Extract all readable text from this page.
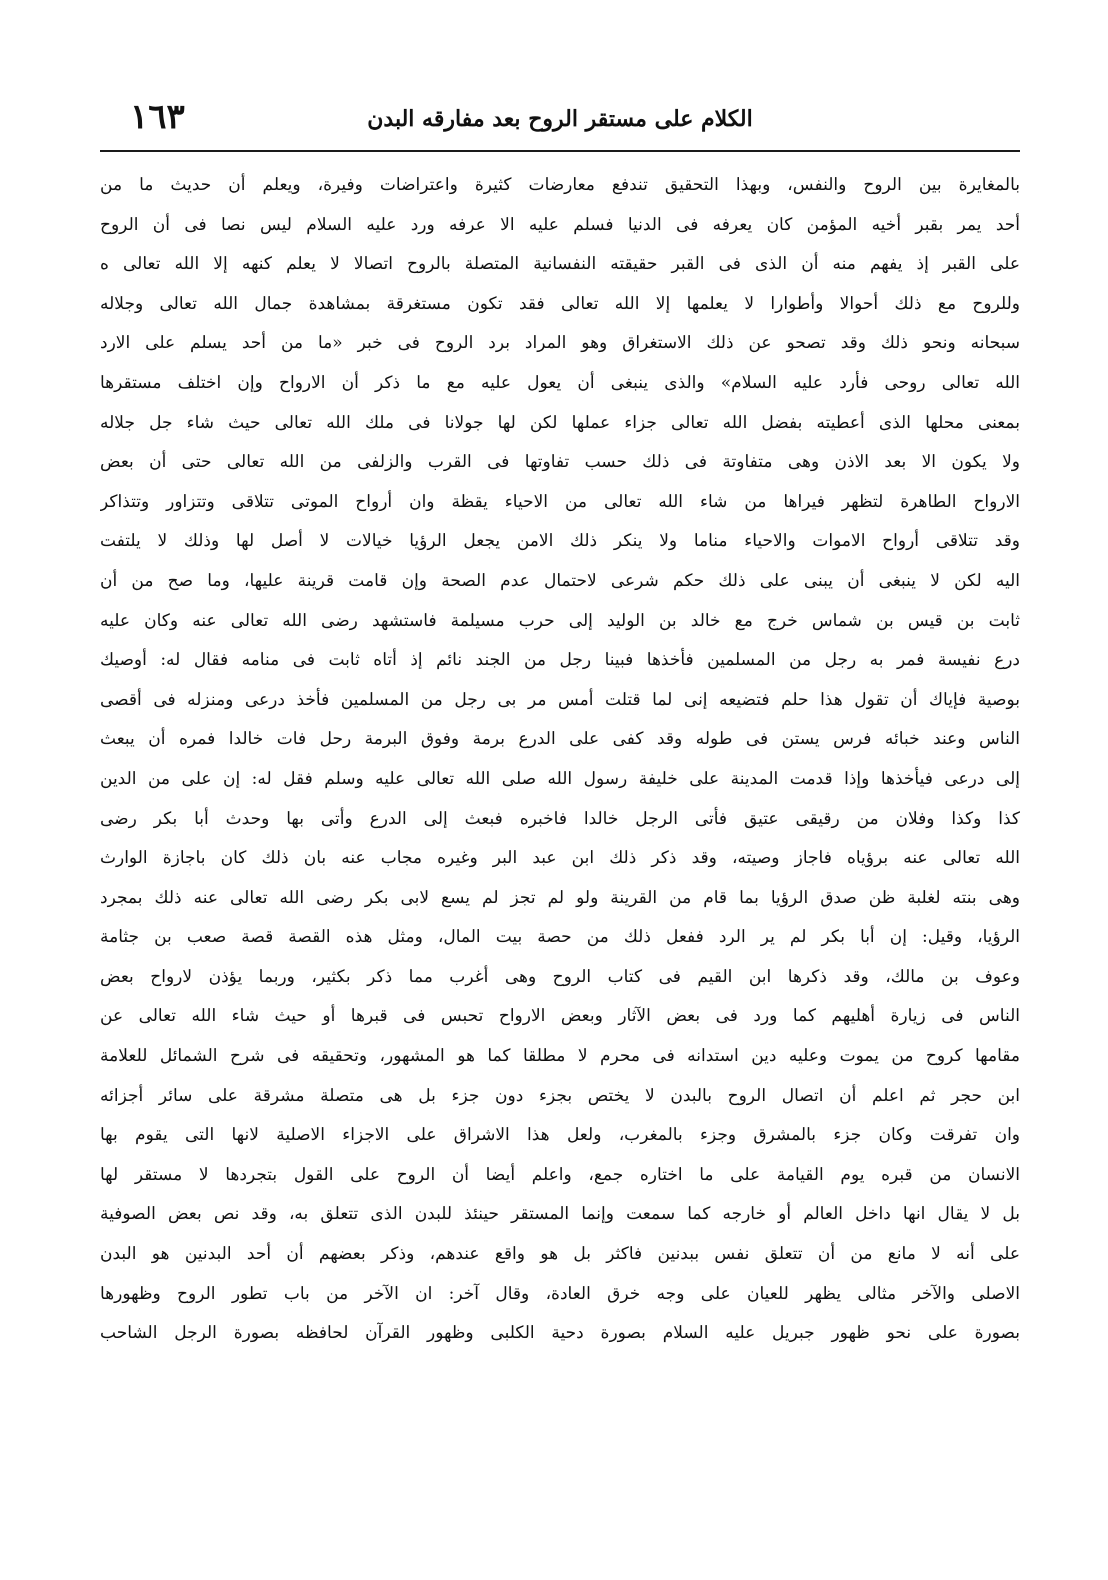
الكلام على مستقر الروح بعد مفارقه البدن
١٦٣
بالمغايرة بين الروح والنفس، وبهذا التحقيق تندفع معارضات كثيرة واعتراضات وفيرة، ويعلم أن حديث ما من
أحد يمر بقبر أخيه المؤمن كان يعرفه فى الدنيا فسلم عليه الا عرفه ورد عليه السلام ليس نصا فى أن الروح
على القبر إذ يفهم منه أن الذى فى القبر حقيقته النفسانية المتصلة بالروح اتصالا لا يعلم كنهه إلا الله تعالى ه
وللروح مع ذلك أحوالا وأطوارا لا يعلمها إلا الله تعالى فقد تكون مستغرقة بمشاهدة جمال الله تعالى وجلاله
سبحانه ونحو ذلك وقد تصحو عن ذلك الاستغراق وهو المراد برد الروح فى خبر «ما من أحد يسلم على الارد
الله تعالى روحى فأرد عليه السلام» والذى ينبغى أن يعول عليه مع ما ذكر أن الارواح وإن اختلف مستقرها
بمعنى محلها الذى أعطيته بفضل الله تعالى جزاء عملها لكن لها جولانا فى ملك الله تعالى حيث شاء جل جلاله
ولا يكون الا بعد الاذن وهى متفاوتة فى ذلك حسب تفاوتها فى القرب والزلفى من الله تعالى حتى أن بعض
الارواح الطاهرة لتظهر فيراها من شاء الله تعالى من الاحياء يقظة وان أرواح الموتى تتلاقى وتتزاور وتتذاكر
وقد تتلاقى أرواح الاموات والاحياء مناما ولا ينكر ذلك الامن يجعل الرؤيا خيالات لا أصل لها وذلك لا يلتفت
اليه لكن لا ينبغى أن يبنى على ذلك حكم شرعى لاحتمال عدم الصحة وإن قامت قرينة عليها، وما صح من أن
ثابت بن قيس بن شماس خرج مع خالد بن الوليد إلى حرب مسيلمة فاستشهد رضى الله تعالى عنه وكان عليه
درع نفيسة فمر به رجل من المسلمين فأخذها فبينا رجل من الجند نائم إذ أتاه ثابت فى منامه فقال له: أوصيك
بوصية فإياك أن تقول هذا حلم فتضيعه إنى لما قتلت أمس مر بى رجل من المسلمين فأخذ درعى ومنزله فى أقصى
الناس وعند خبائه فرس يستن فى طوله وقد كفى على الدرع برمة وفوق البرمة رحل فات خالدا فمره أن يبعث
إلى درعى فيأخذها وإذا قدمت المدينة على خليفة رسول الله صلى الله تعالى عليه وسلم فقل له: إن على من الدين
كذا وكذا وفلان من رقيقى عتيق فأتى الرجل خالدا فاخبره فبعث إلى الدرع وأتى بها وحدث أبا بكر رضى
الله تعالى عنه برؤياه فاجاز وصيته، وقد ذكر ذلك ابن عبد البر وغيره مجاب عنه بان ذلك كان باجازة الوارث
وهى بنته لغلبة ظن صدق الرؤيا بما قام من القرينة ولو لم تجز لم يسع لابى بكر رضى الله تعالى عنه ذلك بمجرد
الرؤيا، وقيل: إن أبا بكر لم ير الرد ففعل ذلك من حصة بيت المال، ومثل هذه القصة قصة صعب بن جثامة
وعوف بن مالك، وقد ذكرها ابن القيم فى كتاب الروح وهى أغرب مما ذكر بكثير، وربما يؤذن لارواح بعض
الناس فى زيارة أهليهم كما ورد فى بعض الآثار وبعض الارواح تحبس فى قبرها أو حيث شاء الله تعالى عن
مقامها كروح من يموت وعليه دين استدانه فى محرم لا مطلقا كما هو المشهور، وتحقيقه فى شرح الشمائل للعلامة
ابن حجر ثم اعلم أن اتصال الروح بالبدن لا يختص بجزء دون جزء بل هى متصلة مشرقة على سائر أجزائه
وان تفرقت وكان جزء بالمشرق وجزء بالمغرب، ولعل هذا الاشراق على الاجزاء الاصلية لانها التى يقوم بها
الانسان من قبره يوم القيامة على ما اختاره جمع، واعلم أيضا أن الروح على القول بتجردها لا مستقر لها
بل لا يقال انها داخل العالم أو خارجه كما سمعت وإنما المستقر حينئذ للبدن الذى تتعلق به، وقد نص بعض الصوفية
على أنه لا مانع من أن تتعلق نفس ببدنين فاكثر بل هو واقع عندهم، وذكر بعضهم أن أحد البدنين هو البدن
الاصلى والآخر مثالى يظهر للعيان على وجه خرق العادة، وقال آخر: ان الآخر من باب تطور الروح وظهورها
بصورة على نحو ظهور جبريل عليه السلام بصورة دحية الكلبى وظهور القرآن لحافظه بصورة الرجل الشاحب
